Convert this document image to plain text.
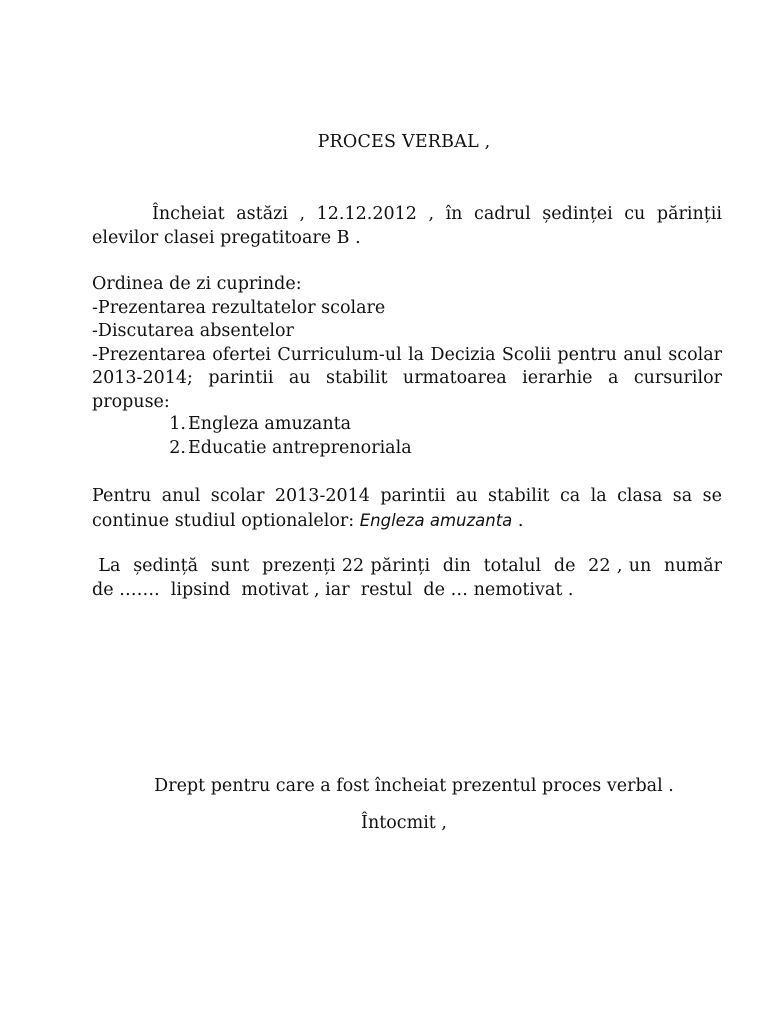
PROCES VERBAL ,
Încheiat astăzi , 12.12.2012 , în cadrul ședinței cu părinții elevilor clasei pregatitoare B .
Ordinea de zi cuprinde:
-Prezentarea rezultatelor scolare
-Discutarea absentelor
-Prezentarea ofertei Curriculum-ul la Decizia Scolii pentru anul scolar 2013-2014; parintii au stabilit urmatoarea ierarhie a cursurilor propuse:
1. Engleza amuzanta
2. Educatie antreprenoriala
Pentru anul scolar 2013-2014 parintii au stabilit ca la clasa sa se continue studiul optionalelor: Engleza amuzanta .
La  ședință  sunt  prezenți 22 părinți  din  totalul  de  22 , un  număr de …….  lipsind  motivat , iar  restul  de … nemotivat .
Drept pentru care a fost încheiat prezentul proces verbal .
Întocmit ,
